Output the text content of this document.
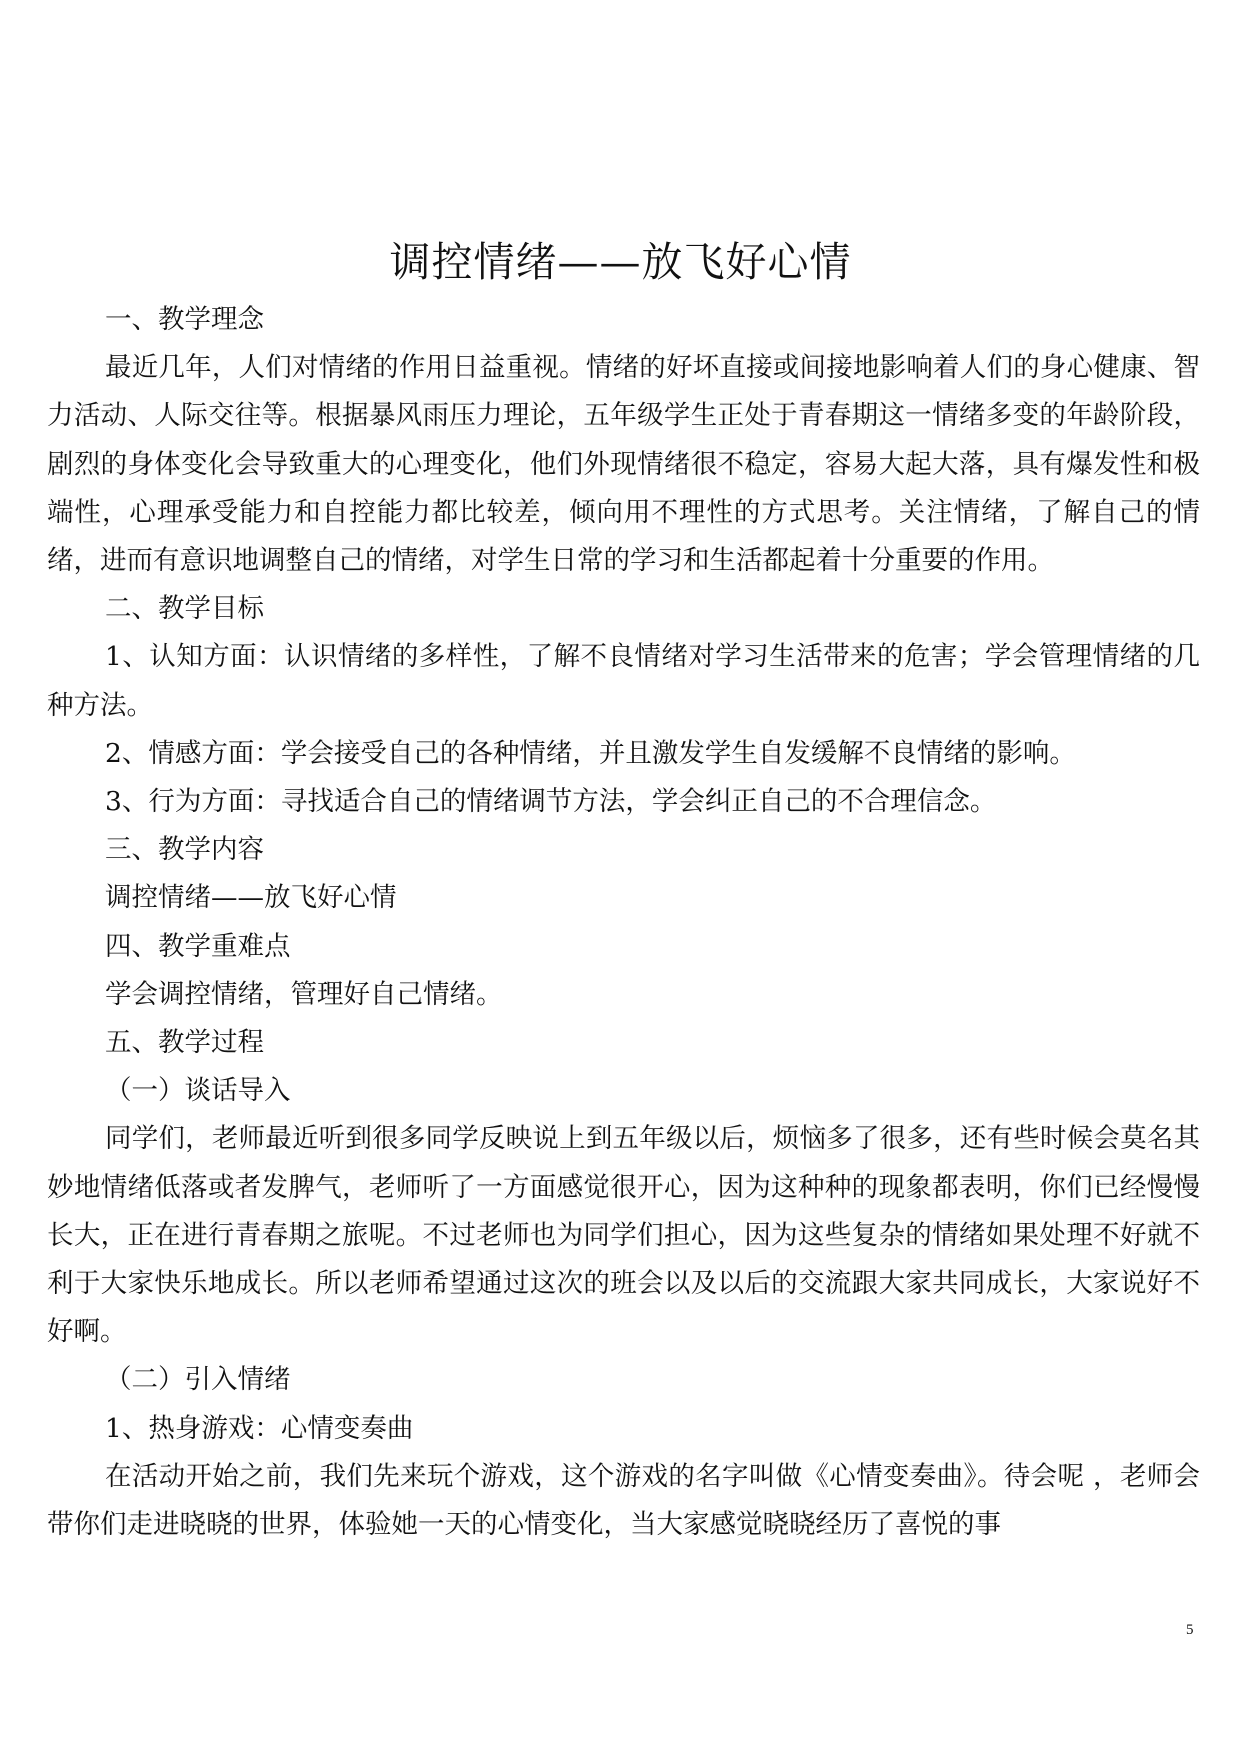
调控情绪——放飞好心情

一、教学理念

最近几年，人们对情绪的作用日益重视。情绪的好坏直接或间接地影响着人们的身心健康、智力活动、人际交往等。根据暴风雨压力理论，五年级学生正处于青春期这一情绪多变的年龄阶段，剧烈的身体变化会导致重大的心理变化，他们外现情绪很不稳定，容易大起大落，具有爆发性和极端性，心理承受能力和自控能力都比较差，倾向用不理性的方式思考。关注情绪，了解自己的情绪，进而有意识地调整自己的情绪，对学生日常的学习和生活都起着十分重要的作用。

二、教学目标

1、认知方面：认识情绪的多样性，了解不良情绪对学习生活带来的危害；学会管理情绪的几种方法。

2、情感方面：学会接受自己的各种情绪，并且激发学生自发缓解不良情绪的影响。

3、行为方面：寻找适合自己的情绪调节方法，学会纠正自己的不合理信念。

三、教学内容

调控情绪——放飞好心情

四、教学重难点

学会调控情绪，管理好自己情绪。

五、教学过程

（一）谈话导入

同学们，老师最近听到很多同学反映说上到五年级以后，烦恼多了很多，还有些时候会莫名其妙地情绪低落或者发脾气，老师听了一方面感觉很开心，因为这种种的现象都表明，你们已经慢慢长大，正在进行青春期之旅呢。不过老师也为同学们担心，因为这些复杂的情绪如果处理不好就不利于大家快乐地成长。所以老师希望通过这次的班会以及以后的交流跟大家共同成长，大家说好不好啊。

（二）引入情绪

1、热身游戏：心情变奏曲

在活动开始之前，我们先来玩个游戏，这个游戏的名字叫做《心情变奏曲》。待会呢 ，老师会带你们走进晓晓的世界，体验她一天的心情变化，当大家感觉晓晓经历了喜悦的事

5
